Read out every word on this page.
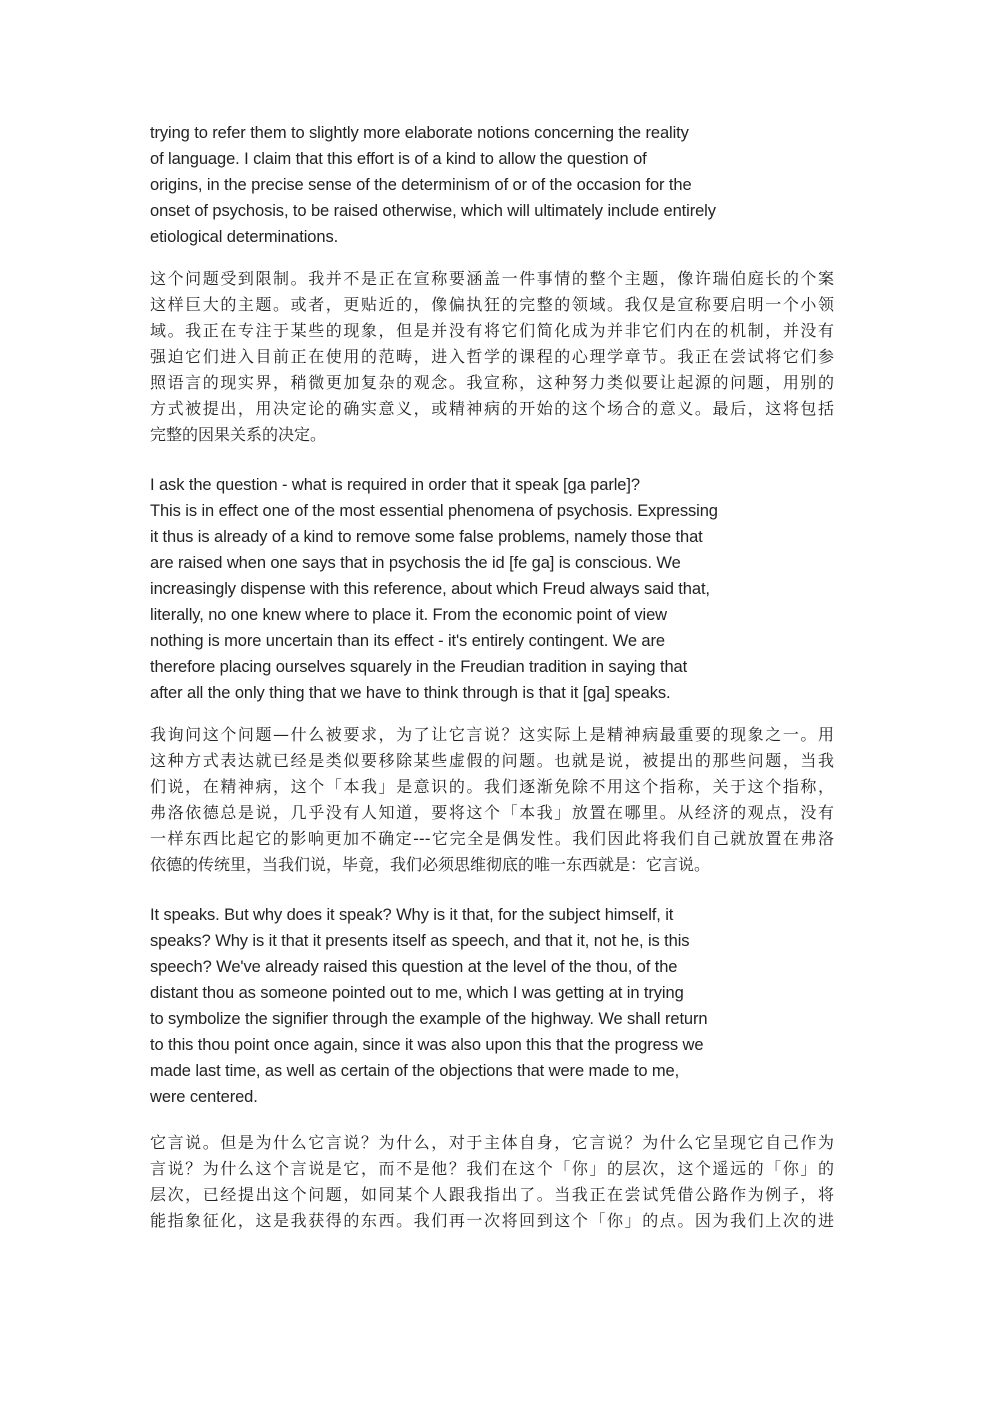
trying to refer them to slightly more elaborate notions concerning the reality
of language. I claim that this effort is of a kind to allow the question of
origins, in the precise sense of the determinism of or of the occasion for the
onset of psychosis, to be raised otherwise, which will ultimately include entirely
etiological determinations.

这个问题受到限制。我并不是正在宣称要涵盖一件事情的整个主题，像许瑞伯庭长的个案
这样巨大的主题。或者，更贴近的，像偏执狂的完整的领域。我仅是宣称要启明一个小领
域。我正在专注于某些的现象，但是并没有将它们简化成为并非它们内在的机制，并没有
强迫它们进入目前正在使用的范畴，进入哲学的课程的心理学章节。我正在尝试将它们参
照语言的现实界，稍微更加复杂的观念。我宣称，这种努力类似要让起源的问题，用别的
方式被提出，用决定论的确实意义，或精神病的开始的这个场合的意义。最后，这将包括
完整的因果关系的决定。

I ask the question - what is required in order that it speak [ga parle]?
This is in effect one of the most essential phenomena of psychosis. Expressing
it thus is already of a kind to remove some false problems, namely those that
are raised when one says that in psychosis the id [fe ga] is conscious. We
increasingly dispense with this reference, about which Freud always said that,
literally, no one knew where to place it. From the economic point of view
nothing is more uncertain than its effect - it's entirely contingent. We are
therefore placing ourselves squarely in the Freudian tradition in saying that
after all the only thing that we have to think through is that it [ga] speaks.

我询问这个问题—什么被要求，为了让它言说？这实际上是精神病最重要的现象之一。用
这种方式表达就已经是类似要移除某些虚假的问题。也就是说，被提出的那些问题，当我
们说，在精神病，这个「本我」是意识的。我们逐渐免除不用这个指称，关于这个指称，
弗洛依德总是说，几乎没有人知道，要将这个「本我」放置在哪里。从经济的观点，没有
一样东西比起它的影响更加不确定---它完全是偶发性。我们因此将我们自己就放置在弗洛
依德的传统里，当我们说，毕竟，我们必须思维彻底的唯一东西就是：它言说。

It speaks. But why does it speak? Why is it that, for the subject himself, it
speaks? Why is it that it presents itself as speech, and that it, not he, is this
speech? We've already raised this question at the level of the thou, of the
distant thou as someone pointed out to me, which I was getting at in trying
to symbolize the signifier through the example of the highway. We shall return
to this thou point once again, since it was also upon this that the progress we
made last time, as well as certain of the objections that were made to me,
were centered.

它言说。但是为什么它言说？为什么，对于主体自身，它言说？为什么它呈现它自己作为
言说？为什么这个言说是它，而不是他？我们在这个「你」的层次，这个遥远的「你」的
层次，已经提出这个问题，如同某个人跟我指出了。当我正在尝试凭借公路作为例子，将
能指象征化，这是我获得的东西。我们再一次将回到这个「你」的点。因为我们上次的进
